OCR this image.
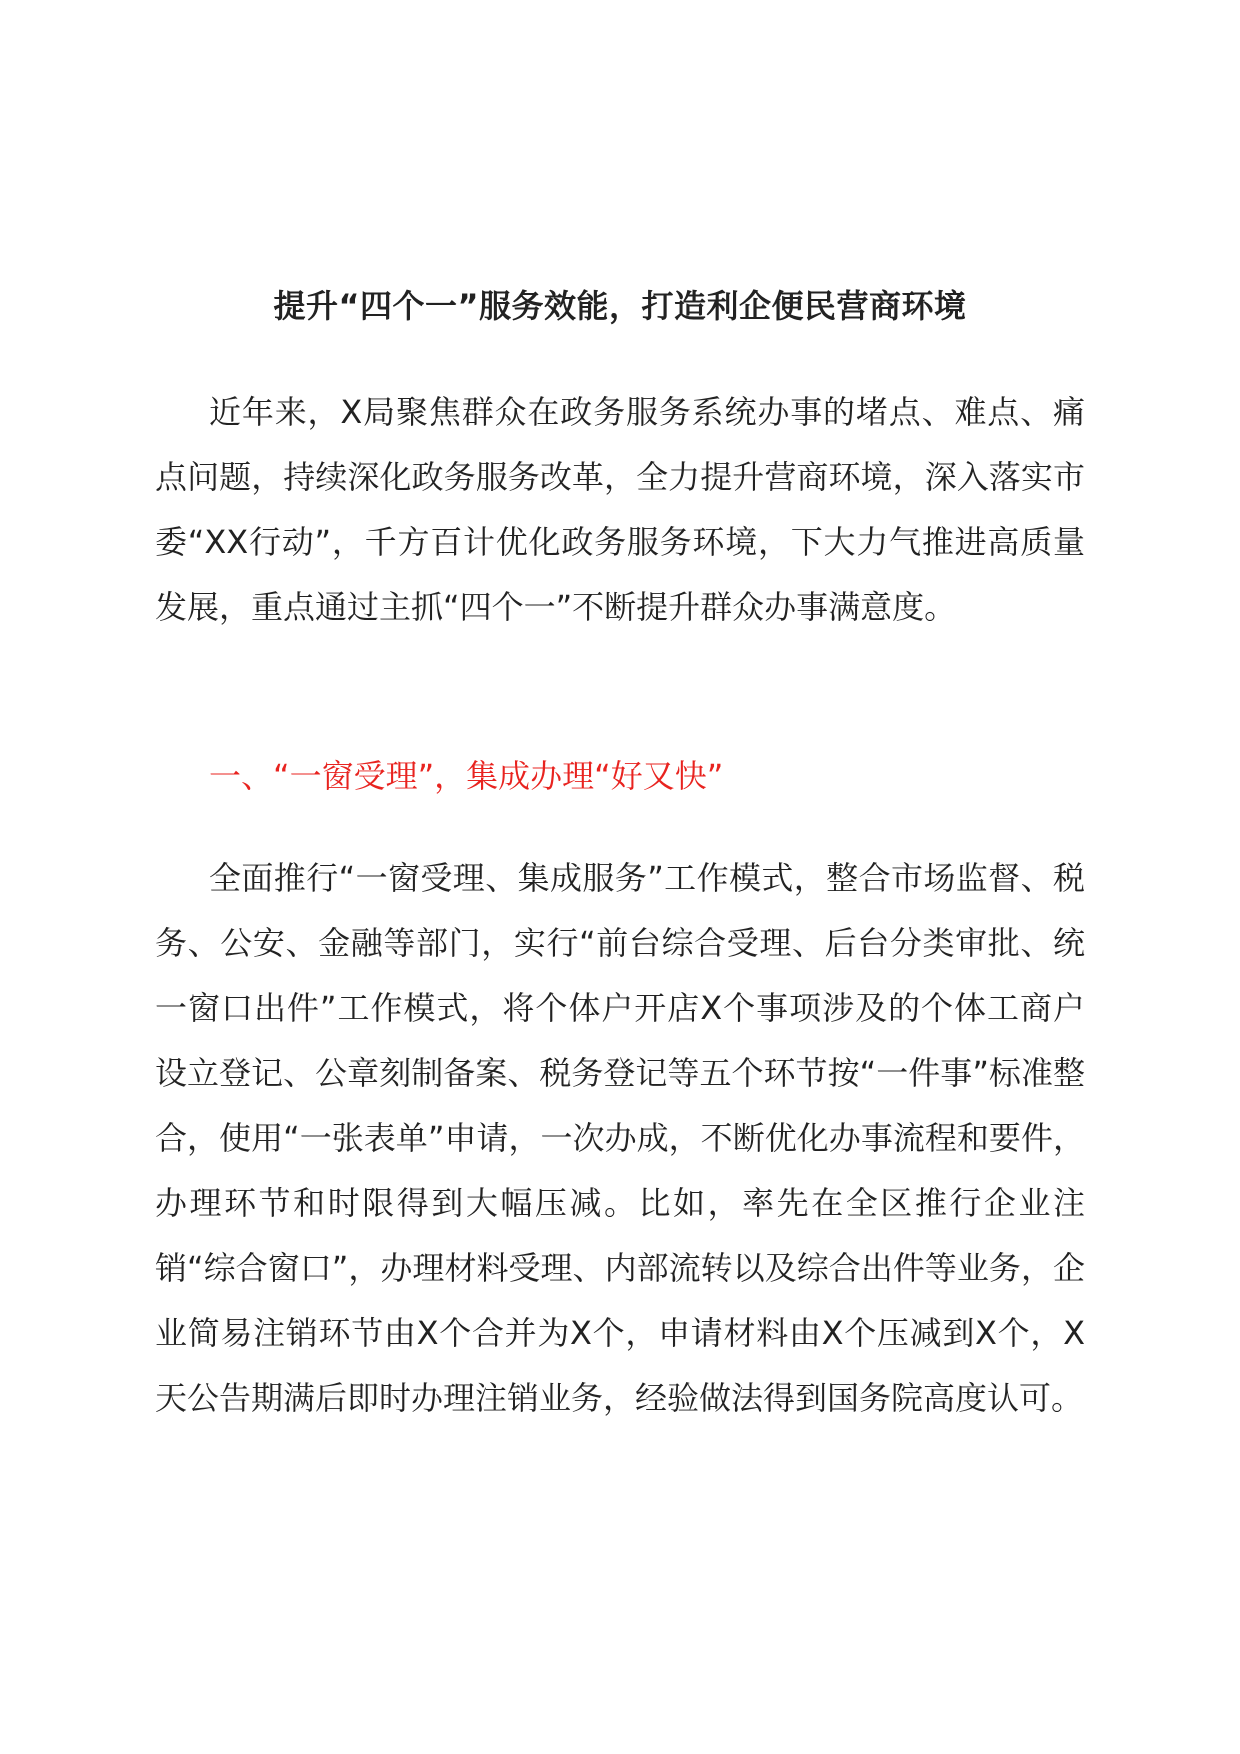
提升“四个一”服务效能，打造利企便民营商环境

近年来，X局聚焦群众在政务服务系统办事的堵点、难点、痛点问题，持续深化政务服务改革，全力提升营商环境，深入落实市委“XX行动”，千方百计优化政务服务环境，下大力气推进高质量发展，重点通过主抓“四个一”不断提升群众办事满意度。

一、“一窗受理”，集成办理“好又快”

全面推行“一窗受理、集成服务”工作模式，整合市场监督、税务、公安、金融等部门，实行“前台综合受理、后台分类审批、统一窗口出件”工作模式，将个体户开店X个事项涉及的个体工商户设立登记、公章刻制备案、税务登记等五个环节按“一件事”标准整合，使用“一张表单”申请，一次办成，不断优化办事流程和要件，办理环节和时限得到大幅压减。比如，率先在全区推行企业注销“综合窗口”，办理材料受理、内部流转以及综合出件等业务，企业简易注销环节由X个合并为X个，申请材料由X个压减到X个，X天公告期满后即时办理注销业务，经验做法得到国务院高度认可。
